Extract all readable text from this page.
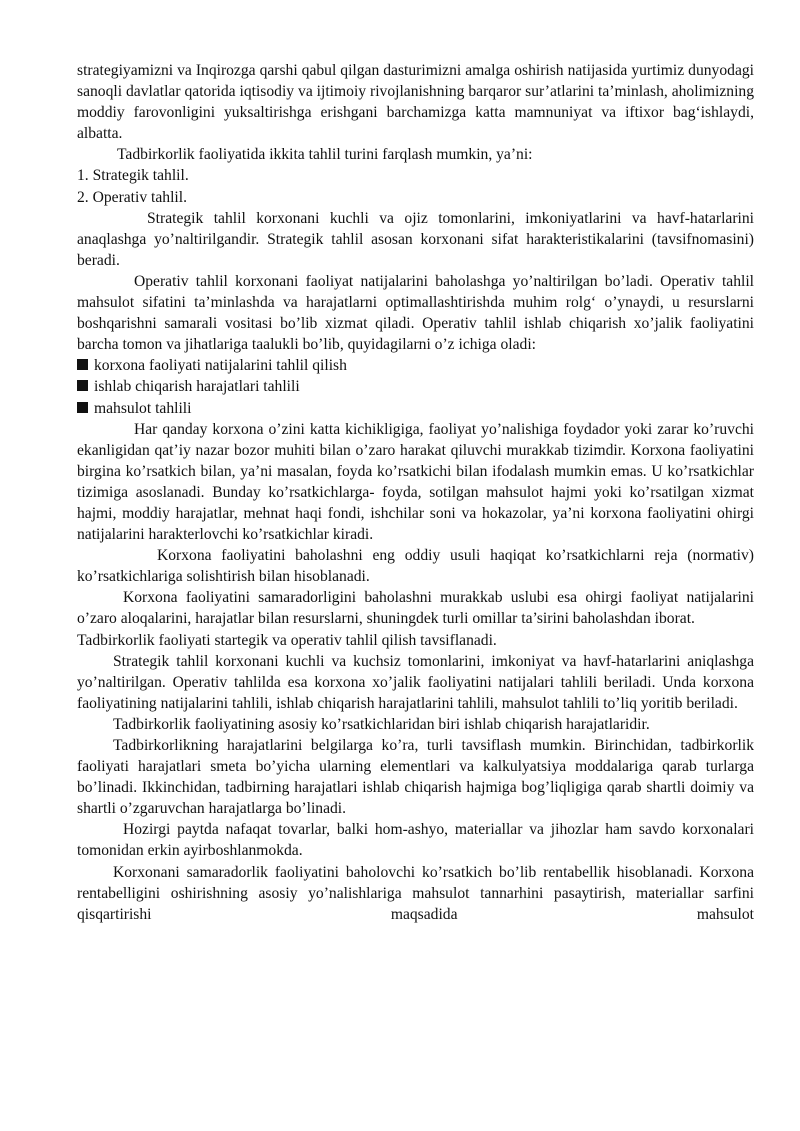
strategiyamizni va Inqirozga qarshi qabul qilgan dasturimizni amalga oshirish natijasida yurtimiz dunyodagi sanoqli davlatlar qatorida iqtisodiy va ijtimoiy rivojlanishning barqaror sur’atlarini ta’minlash, aholimizning moddiy farovonligini yuksaltirishga erishgani barchamizga katta mamnuniyat va iftixor bag‘ishlaydi, albatta.

Tadbirkorlik faoliyatida ikkita tahlil turini farqlash mumkin, ya’ni:

1. Strategik tahlil.

2. Operativ tahlil.

Strategik tahlil korxonani kuchli va ojiz tomonlarini, imkoniyatlarini va havf-hatarlarini anaqlashga yo’naltirilgandir. Strategik tahlil asosan korxonani sifat harakteristikalarini (tavsifnomasini) beradi.

Operativ tahlil korxonani faoliyat natijalarini baholashga yo’naltirilgan bo’ladi. Operativ tahlil mahsulot sifatini ta’minlashda va harajatlarni optimallashtirishda muhim rolg‘ o’ynaydi, u resurslarni boshqarishni samarali vositasi bo’lib xizmat qiladi. Operativ tahlil ishlab chiqarish xo’jalik faoliyatini barcha tomon va jihatlariga taalukli bo’lib, quyidagilarni o’z ichiga oladi:

korxona faoliyati natijalarini tahlil qilish
ishlab chiqarish harajatlari tahlili
mahsulot tahlili

Har qanday korxona o’zini katta kichikligiga, faoliyat yo’nalishiga foydador yoki zarar ko’ruvchi ekanligidan qat’iy nazar bozor muhiti bilan o’zaro harakat qiluvchi murakkab tizimdir. Korxona faoliyatini birgina ko’rsatkich bilan, ya’ni masalan, foyda ko’rsatkichi bilan ifodalash mumkin emas. U ko’rsatkichlar tizimiga asoslanadi. Bunday ko’rsatkichlarga- foyda, sotilgan mahsulot hajmi yoki ko’rsatilgan xizmat hajmi, moddiy harajatlar, mehnat haqi fondi, ishchilar soni va hokazolar, ya’ni korxona faoliyatini ohirgi natijalarini harakterlovchi ko’rsatkichlar kiradi.

Korxona faoliyatini baholashni eng oddiy usuli haqiqat ko’rsatkichlarni reja (normativ) ko’rsatkichlariga solishtirish bilan hisoblanadi.

Korxona faoliyatini samaradorligini baholashni murakkab uslubi esa ohirgi faoliyat natijalarini o’zaro aloqalarini, harajatlar bilan resurslarni, shuningdek turli omillar ta’sirini baholashdan iborat.

Tadbirkorlik faoliyati startegik va operativ tahlil qilish tavsiflanadi.

Strategik tahlil korxonani kuchli va kuchsiz tomonlarini, imkoniyat va havf-hatarlarini aniqlashga yo’naltirilgan. Operativ tahlilda esa korxona xo’jalik faoliyatini natijalari tahlili beriladi. Unda korxona faoliyatining natijalarini tahlili, ishlab chiqarish harajatlarini tahlili, mahsulot tahlili to’liq yoritib beriladi.

Tadbirkorlik faoliyatining asosiy ko’rsatkichlaridan biri ishlab chiqarish harajatlaridir.

Tadbirkorlikning harajatlarini belgilarga ko’ra, turli tavsiflash mumkin. Birinchidan, tadbirkorlik faoliyati harajatlari smeta bo’yicha ularning elementlari va kalkulyatsiya moddalariga qarab turlarga bo’linadi. Ikkinchidan, tadbirning harajatlari ishlab chiqarish hajmiga bog’liqligiga qarab shartli doimiy va shartli o’zgaruvchan harajatlarga bo’linadi.

Hozirgi paytda nafaqat tovarlar, balki hom-ashyo, materiallar va jihozlar ham savdo korxonalari tomonidan erkin ayirboshlanmokda.

Korxonani samaradorlik faoliyatini baholovchi ko’rsatkich bo’lib rentabellik hisoblanadi. Korxona rentabelligini oshirishning asosiy yo’nalishlariga mahsulot tannarhini pasaytirish, materiallar sarfini qisqartirishi maqsadida mahsulot
